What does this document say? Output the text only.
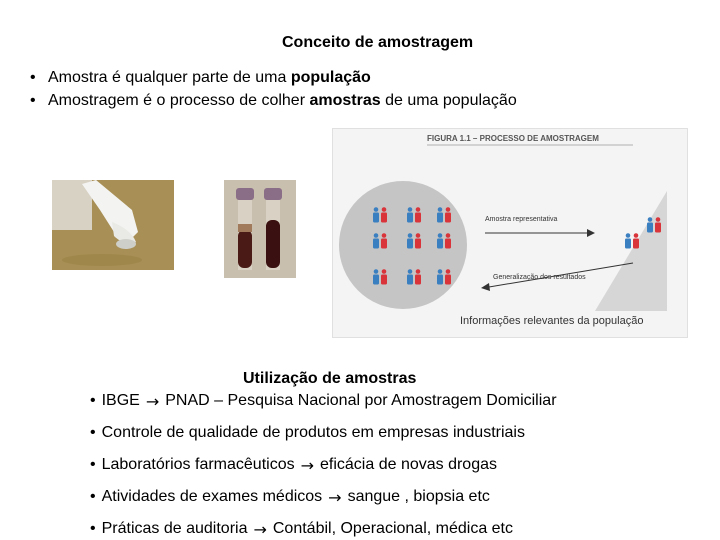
Conceito de amostragem
• Amostra é qualquer parte de uma população
• Amostragem é o processo de colher amostras de uma população
FIGURA 1.1 – PROCESSO DE AMOSTRAGEM
Amostra representativa
Generalização dos resultados
Informações relevantes da população
Utilização de amostras
• IBGE → PNAD – Pesquisa Nacional por Amostragem Domiciliar
• Controle de qualidade de produtos em empresas industriais
• Laboratórios farmacêuticos → eficácia de novas drogas
• Atividades de exames médicos → sangue , biopsia etc
• Práticas de auditoria → Contábil, Operacional, médica etc
